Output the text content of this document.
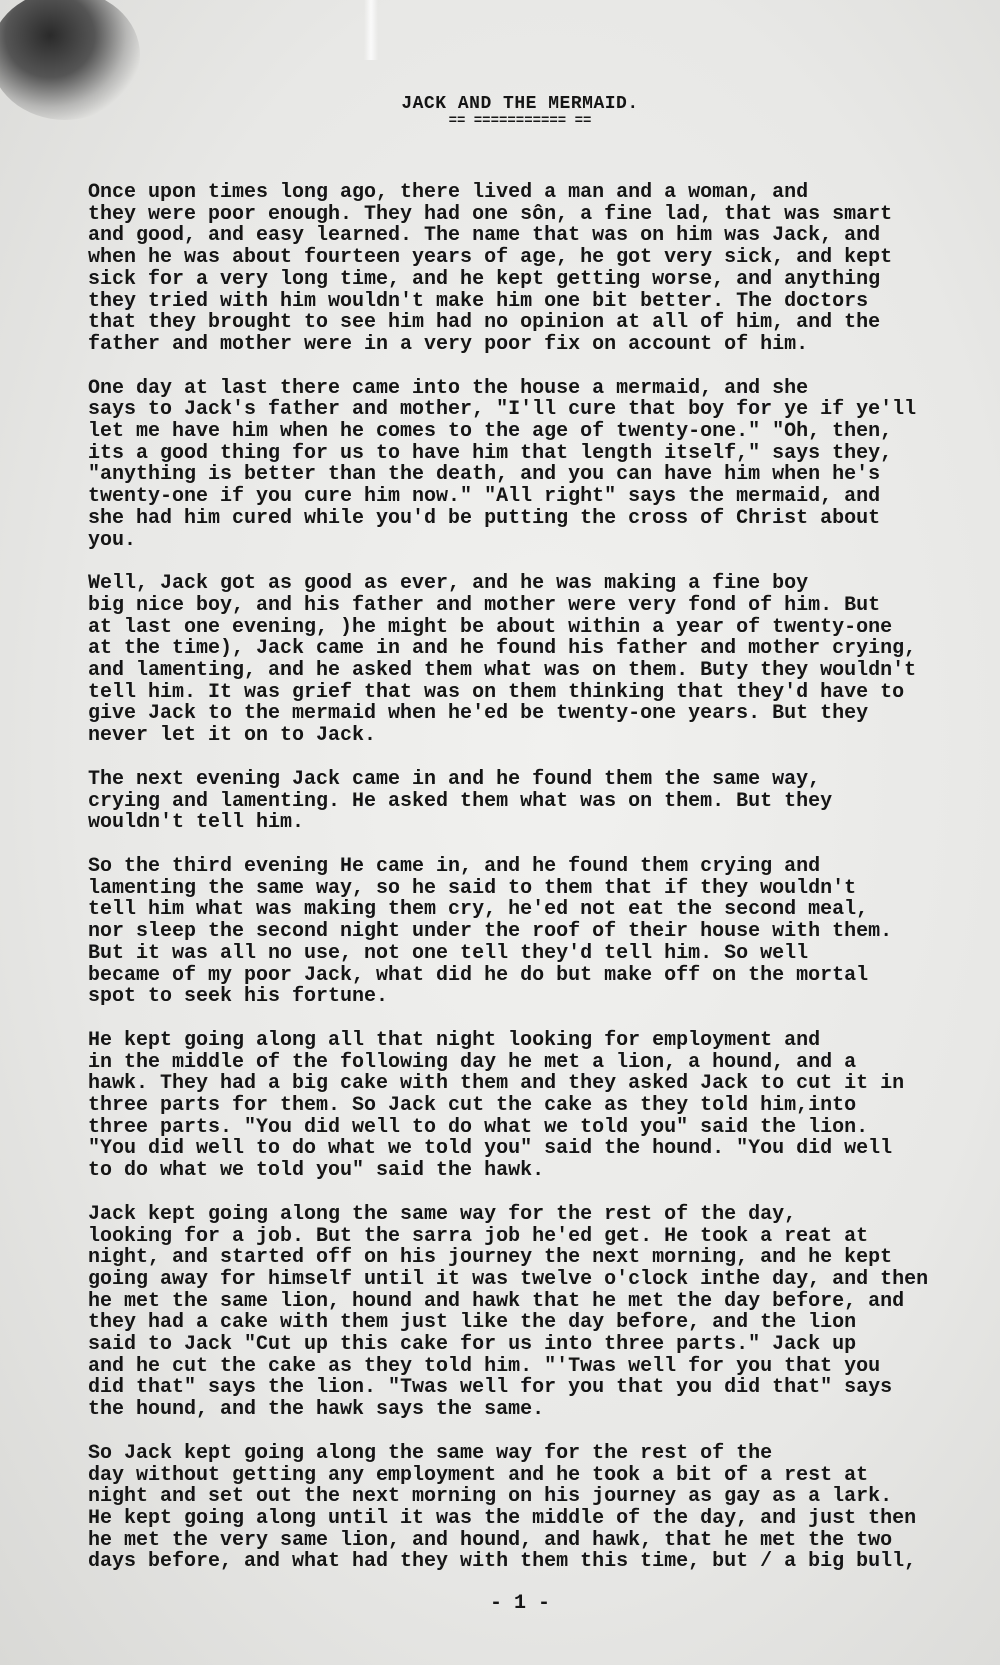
JACK AND THE MERMAID.
== =========== ==

Once upon times long ago, there lived a man and a woman, and
they were poor enough. They had one sôn, a fine lad, that was smart
and good, and easy learned. The name that was on him was Jack, and
when he was about fourteen years of age, he got very sick, and kept
sick for a very long time, and he kept getting worse, and anything
they tried with him wouldn't make him one bit better. The doctors
that they brought to see him had no opinion at all of him, and the
father and mother were in a very poor fix on account of him.

One day at last there came into the house a mermaid, and she
says to Jack's father and mother, "I'll cure that boy for ye if ye'll
let me have him when he comes to the age of twenty-one." "Oh, then,
its a good thing for us to have him that length itself," says they,
"anything is better than the death, and you can have him when he's
twenty-one if you cure him now." "All right" says the mermaid, and
she had him cured while you'd be putting the cross of Christ about
you.

Well, Jack got as good as ever, and he was making a fine boy
big nice boy, and his father and mother were very fond of him. But
at last one evening, )he might be about within a year of twenty-one
at the time), Jack came in and he found his father and mother crying,
and lamenting, and he asked them what was on them. Buty they wouldn't
tell him. It was grief that was on them thinking that they'd have to
give Jack to the mermaid when he'ed be twenty-one years. But they
never let it on to Jack.

The next evening Jack came in and he found them the same way,
crying and lamenting. He asked them what was on them. But they
wouldn't tell him.

So the third evening He came in, and he found them crying and
lamenting the same way, so he said to them that if they wouldn't
tell him what was making them cry, he'ed not eat the second meal,
nor sleep the second night under the roof of their house with them.
But it was all no use, not one tell they'd tell him. So well
became of my poor Jack, what did he do but make off on the mortal
spot to seek his fortune.

He kept going along all that night looking for employment and
in the middle of the following day he met a lion, a hound, and a
hawk. They had a big cake with them and they asked Jack to cut it in
three parts for them. So Jack cut the cake as they told him,into
three parts. "You did well to do what we told you" said the lion.
"You did well to do what we told you" said the hound. "You did well
to do what we told you" said the hawk.

Jack kept going along the same way for the rest of the day,
looking for a job. But the sarra job he'ed get. He took a reat at
night, and started off on his journey the next morning, and he kept
going away for himself until it was twelve o'clock inthe day, and then
he met the same lion, hound and hawk that he met the day before, and
they had a cake with them just like the day before, and the lion
said to Jack "Cut up this cake for us into three parts." Jack up
and he cut the cake as they told him. "'Twas well for you that you
did that" says the lion. "Twas well for you that you did that" says
the hound, and the hawk says the same.

So Jack kept going along the same way for the rest of the
day without getting any employment and he took a bit of a rest at
night and set out the next morning on his journey as gay as a lark.
He kept going along until it was the middle of the day, and just then
he met the very same lion, and hound, and hawk, that he met the two
days before, and what had they with them this time, but / a big bull,

- 1 -
